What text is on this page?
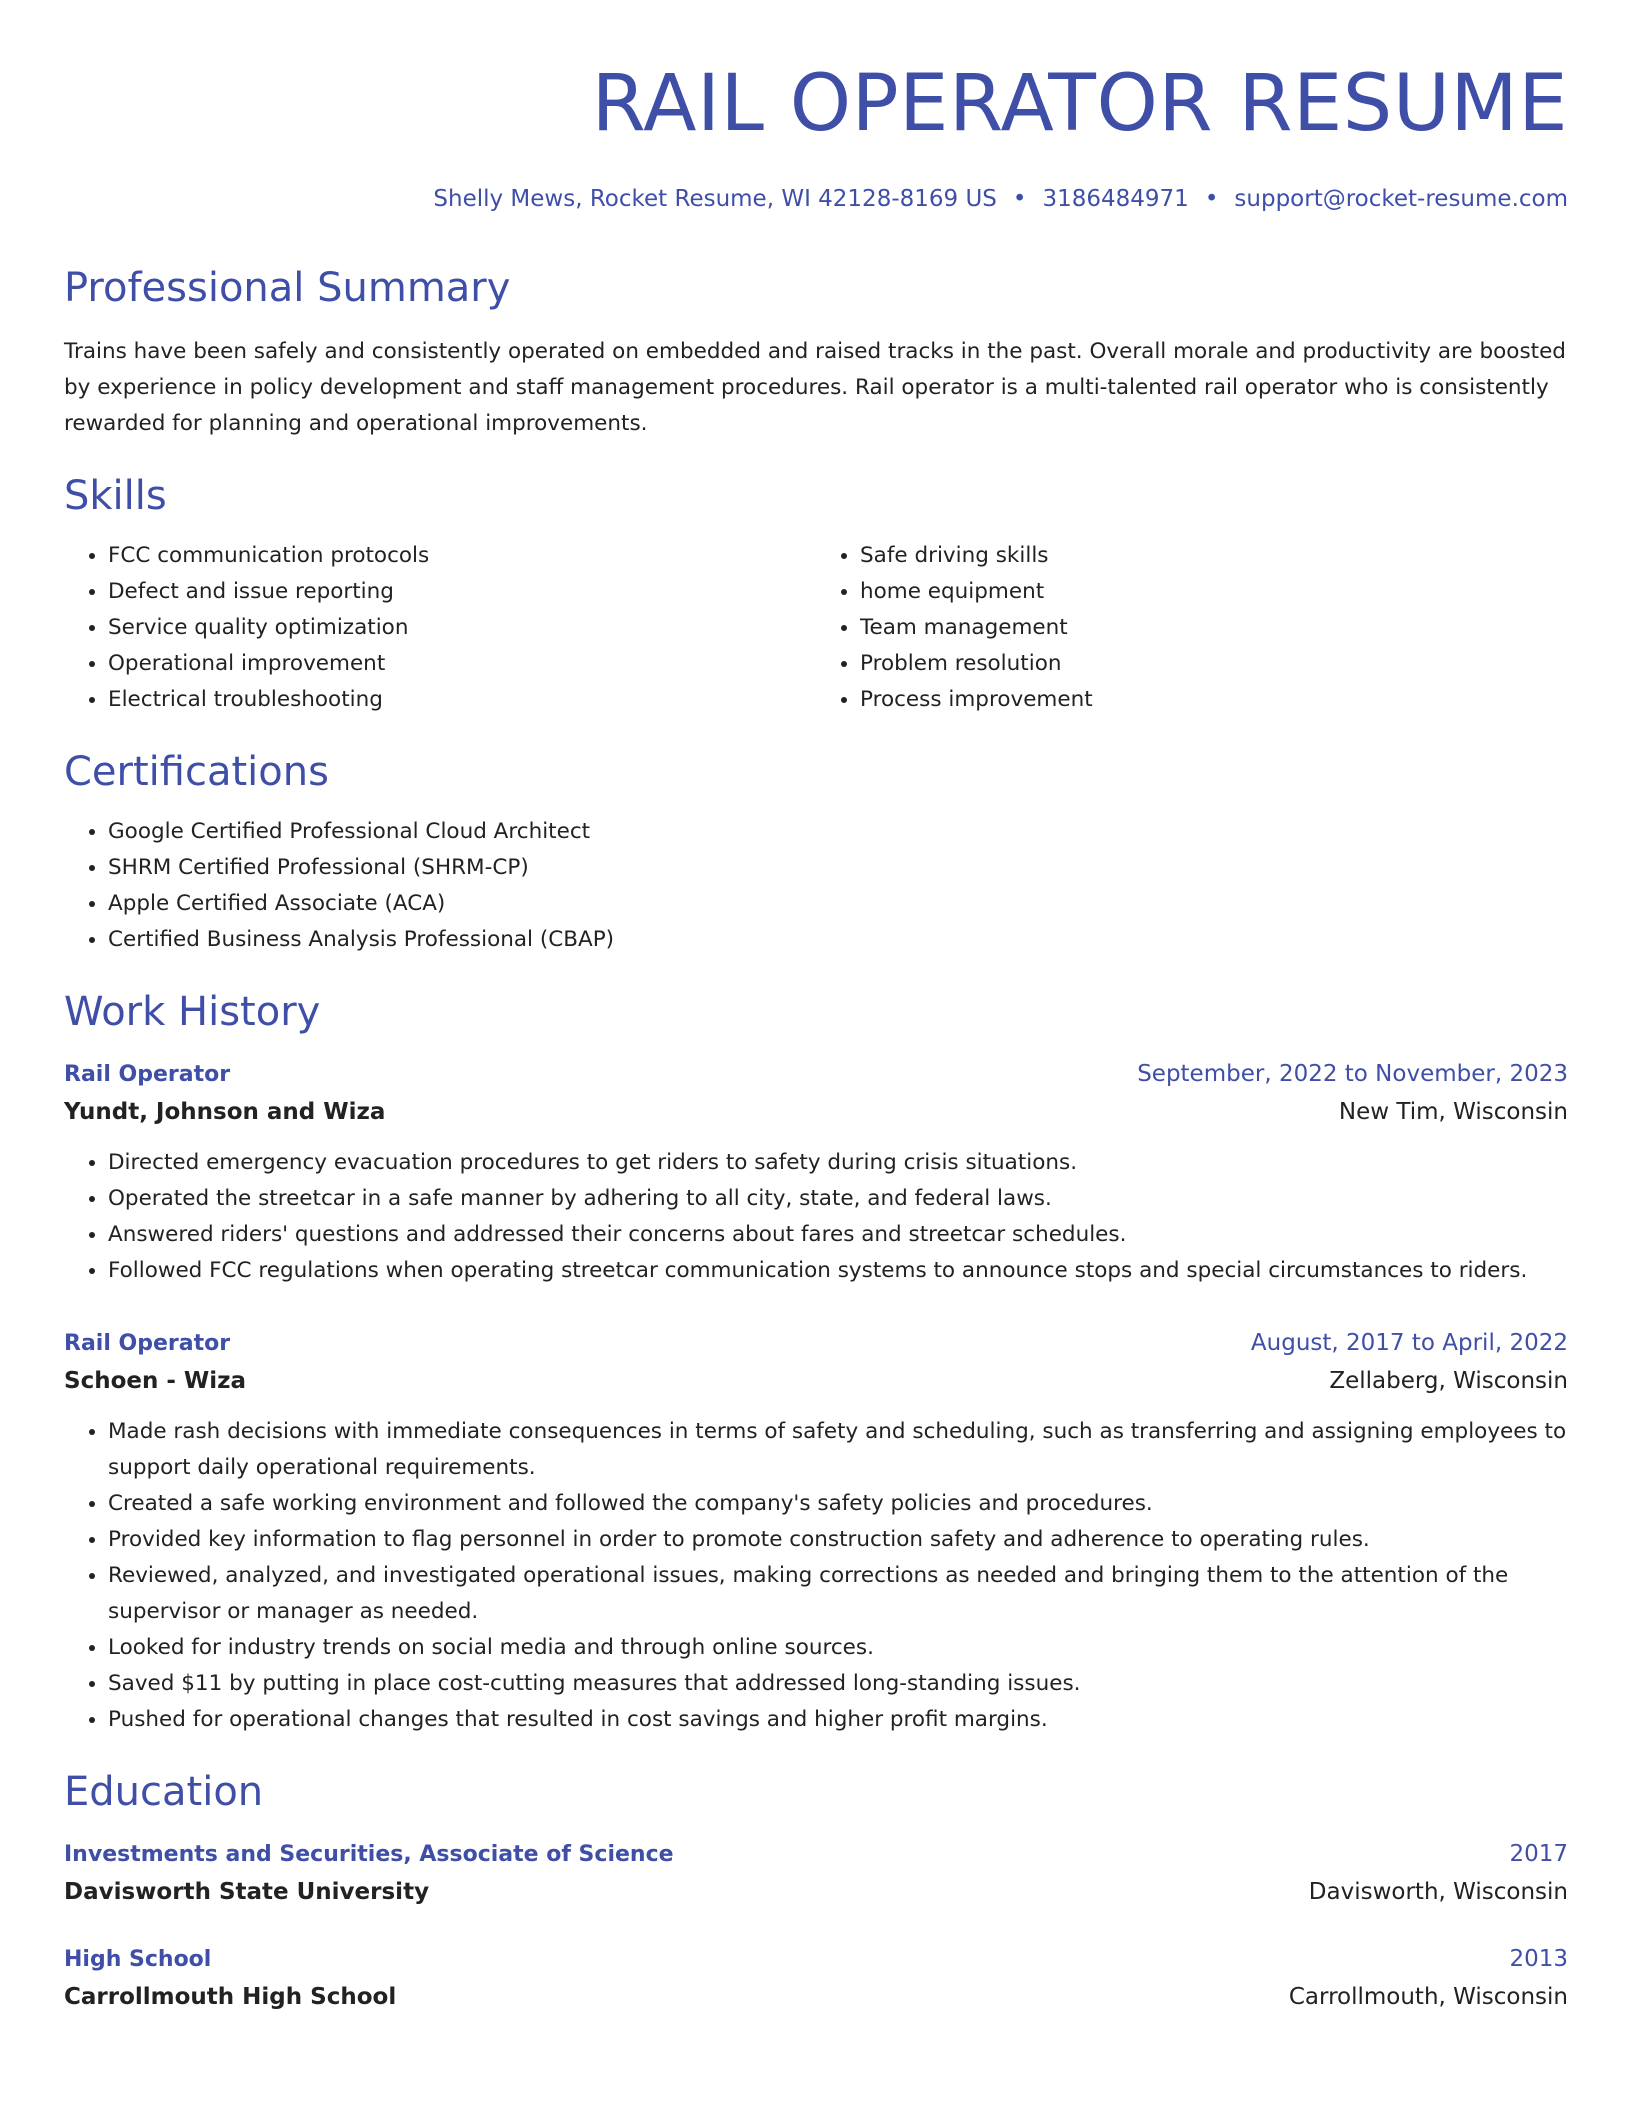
RAIL OPERATOR RESUME
Shelly Mews, Rocket Resume, WI 42128-8169 US • 3186484971 • support@rocket-resume.com
Professional Summary

Trains have been safely and consistently operated on embedded and raised tracks in the past. Overall morale and productivity are boosted by experience in policy development and staff management procedures. Rail operator is a multi-talented rail operator who is consistently rewarded for planning and operational improvements.

Skills
• FCC communication protocols
• Defect and issue reporting
• Service quality optimization
• Operational improvement
• Electrical troubleshooting
• Safe driving skills
• home equipment
• Team management
• Problem resolution
• Process improvement
Certifications
• Google Certified Professional Cloud Architect
• SHRM Certified Professional (SHRM-CP)
• Apple Certified Associate (ACA)
• Certified Business Analysis Professional (CBAP)
Work History
Rail Operator	September, 2022 to November, 2023
Yundt, Johnson and Wiza	New Tim, Wisconsin
• Directed emergency evacuation procedures to get riders to safety during crisis situations.
• Operated the streetcar in a safe manner by adhering to all city, state, and federal laws.
• Answered riders' questions and addressed their concerns about fares and streetcar schedules.
• Followed FCC regulations when operating streetcar communication systems to announce stops and special circumstances to riders.
Rail Operator	August, 2017 to April, 2022
Schoen - Wiza	Zellaberg, Wisconsin
• Made rash decisions with immediate consequences in terms of safety and scheduling, such as transferring and assigning employees to support daily operational requirements.
• Created a safe working environment and followed the company's safety policies and procedures.
• Provided key information to flag personnel in order to promote construction safety and adherence to operating rules.
• Reviewed, analyzed, and investigated operational issues, making corrections as needed and bringing them to the attention of the supervisor or manager as needed.
• Looked for industry trends on social media and through online sources.
• Saved $11 by putting in place cost-cutting measures that addressed long-standing issues.
• Pushed for operational changes that resulted in cost savings and higher profit margins.
Education
Investments and Securities, Associate of Science	2017
Davisworth State University	Davisworth, Wisconsin
High School	2013
Carrollmouth High School	Carrollmouth, Wisconsin
